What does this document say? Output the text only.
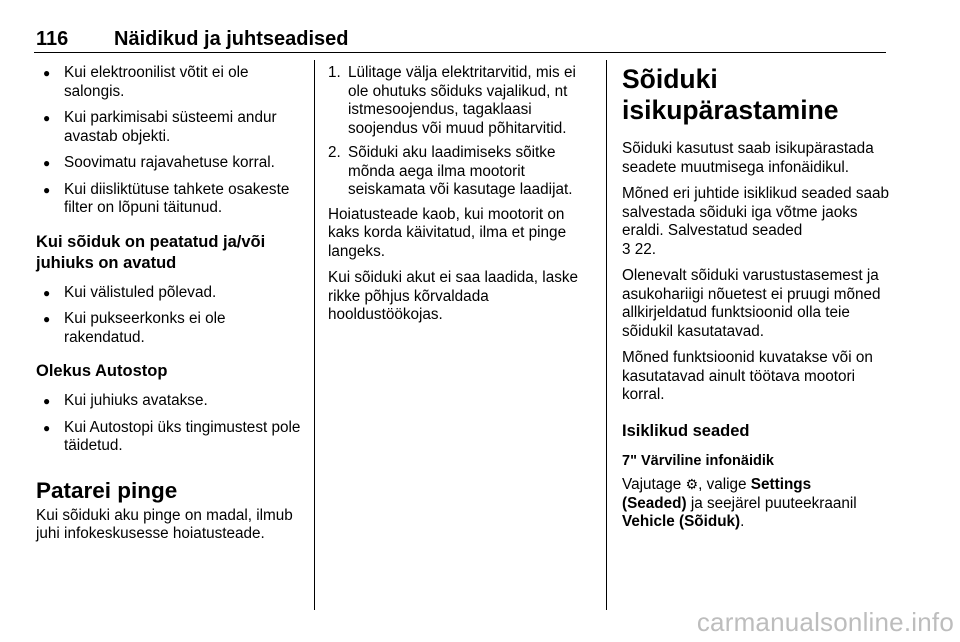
116 Näidikud ja juhtseadised
● Kui elektroonilist võtit ei ole salongis.
● Kui parkimisabi süsteemi andur avastab objekti.
● Soovimatu rajavahetuse korral.
● Kui diisliktütuse tahkete osakeste filter on lõpuni täitunud.
Kui sõiduk on peatatud ja/või juhiuks on avatud
● Kui välistuled põlevad.
● Kui pukseerkonks ei ole rakendatud.
Olekus Autostop
● Kui juhiuks avatakse.
● Kui Autostopi üks tingimustest pole täidetud.
Patarei pinge

Kui sõiduki aku pinge on madal, ilmub juhi infokeskusesse hoiatusteade.

1. Lülitage välja elektritarvitid, mis ei ole ohutuks sõiduks vajalikud, nt istmesoojendus, tagaklaasi soojendus või muud põhitarvitid.
2. Sõiduki aku laadimiseks sõitke mõnda aega ilma mootorit seiskamata või kasutage laadijat.

Hoiatusteade kaob, kui mootorit on kaks korda käivitatud, ilma et pinge langeks.

Kui sõiduki akut ei saa laadida, laske rikke põhjus kõrvaldada hooldustöökojas.

Sõiduki
isikupärastamine

Sõiduki kasutust saab isikupärastada seadete muutmisega infonäidikul.

Mõned eri juhtide isiklikud seaded saab salvestada sõiduki iga võtme jaoks eraldi. Salvestatud seaded
3 22.

Olenevalt sõiduki varustustasemest ja asukohariigi nõuetest ei pruugi mõned allkirjeldatud funktsioonid olla teie sõidukil kasutatavad.

Mõned funktsioonid kuvatakse või on kasutatavad ainult töötava mootori korral.

Isiklikud seaded
7" Värviline infonäidik

Vajutage ⚙, valige Settings
(Seaded) ja seejärel puuteekraanil
Vehicle (Sõiduk).

carmanualsonline.info
